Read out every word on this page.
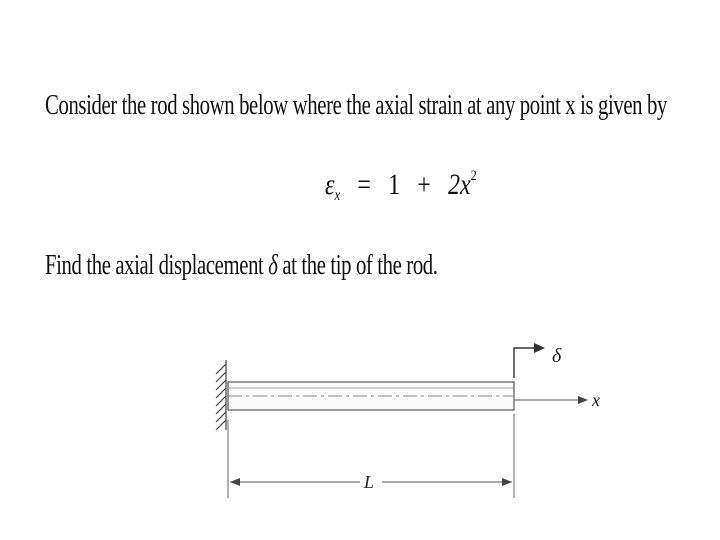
Consider the rod shown below where the axial strain at any point x is given by
$\varepsilon_x = 1 + 2x^2$
Find the axial displacement δ at the tip of the rod.
x
δ
L
